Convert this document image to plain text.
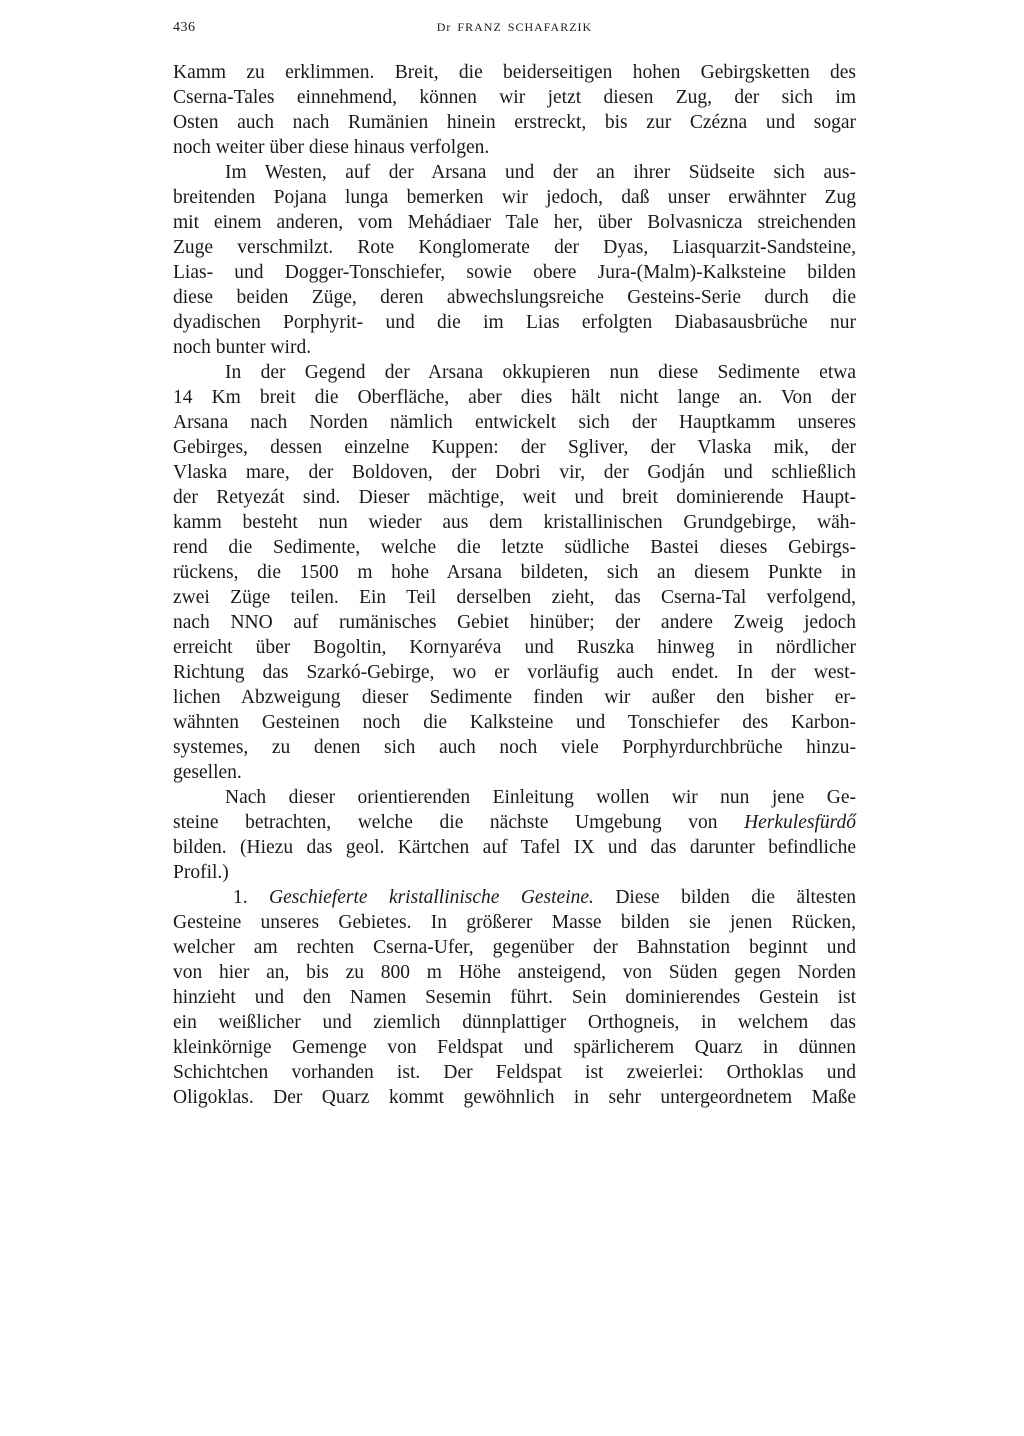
436	Dr FRANZ SCHAFARZIK
Kamm zu erklimmen. Breit, die beiderseitigen hohen Gebirgsketten des
Cserna-Tales einnehmend, können wir jetzt diesen Zug, der sich im
Osten auch nach Rumänien hinein erstreckt, bis zur Czézna und sogar
noch weiter über diese hinaus verfolgen.
Im Westen, auf der Arsana und der an ihrer Südseite sich aus-
breitenden Pojana lunga bemerken wir jedoch, daß unser erwähnter Zug
mit einem anderen, vom Mehádiaer Tale her, über Bolvasnicza streichenden
Zuge verschmilzt. Rote Konglomerate der Dyas, Liasquarzit-Sandsteine,
Lias- und Dogger-Tonschiefer, sowie obere Jura-(Malm)-Kalksteine bilden
diese beiden Züge, deren abwechslungsreiche Gesteins-Serie durch die
dyadischen Porphyrit- und die im Lias erfolgten Diabasausbrüche nur
noch bunter wird.
In der Gegend der Arsana okkupieren nun diese Sedimente etwa
14 Km breit die Oberfläche, aber dies hält nicht lange an. Von der
Arsana nach Norden nämlich entwickelt sich der Hauptkamm unseres
Gebirges, dessen einzelne Kuppen: der Sgliver, der Vlaska mik, der
Vlaska mare, der Boldoven, der Dobri vir, der Godján und schließlich
der Retyezát sind. Dieser mächtige, weit und breit dominierende Haupt-
kamm besteht nun wieder aus dem kristallinischen Grundgebirge, wäh-
rend die Sedimente, welche die letzte südliche Bastei dieses Gebirgs-
rückens, die 1500 m hohe Arsana bildeten, sich an diesem Punkte in
zwei Züge teilen. Ein Teil derselben zieht, das Cserna-Tal verfolgend,
nach NNO auf rumänisches Gebiet hinüber; der andere Zweig jedoch
erreicht über Bogoltin, Kornyaréva und Ruszka hinweg in nördlicher
Richtung das Szarkó-Gebirge, wo er vorläufig auch endet. In der west-
lichen Abzweigung dieser Sedimente finden wir außer den bisher er-
wähnten Gesteinen noch die Kalksteine und Tonschiefer des Karbon-
systemes, zu denen sich auch noch viele Porphyrdurchbrüche hinzu-
gesellen.
Nach dieser orientierenden Einleitung wollen wir nun jene Ge-
steine betrachten, welche die nächste Umgebung von Herkulesfürdő
bilden. (Hiezu das geol. Kärtchen auf Tafel IX und das darunter befindliche
Profil.)
1. Geschieferte kristallinische Gesteine. Diese bilden die ältesten
Gesteine unseres Gebietes. In größerer Masse bilden sie jenen Rücken,
welcher am rechten Cserna-Ufer, gegenüber der Bahnstation beginnt und
von hier an, bis zu 800 m Höhe ansteigend, von Süden gegen Norden
hinzieht und den Namen Sesemin führt. Sein dominierendes Gestein ist
ein weißlicher und ziemlich dünnplattiger Orthogneis, in welchem das
kleinkörnige Gemenge von Feldspat und spärlicherem Quarz in dünnen
Schichtchen vorhanden ist. Der Feldspat ist zweierlei: Orthoklas und
Oligoklas. Der Quarz kommt gewöhnlich in sehr untergeordnetem Maße
